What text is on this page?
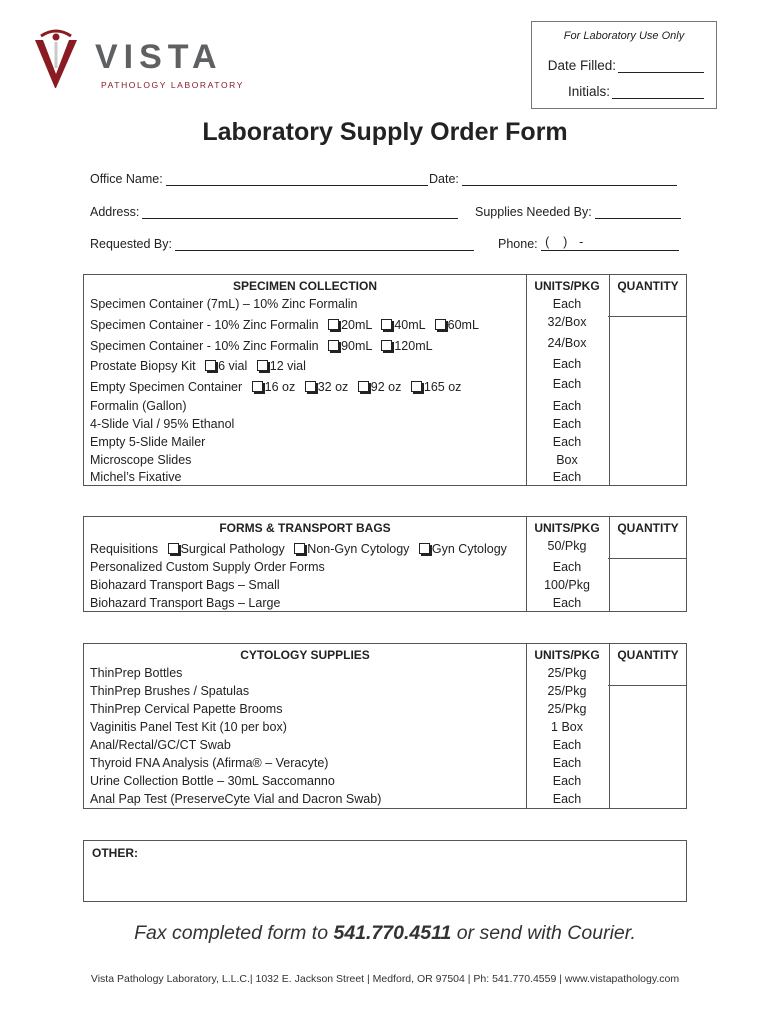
VISTA
PATHOLOGY LABORATORY
For Laboratory Use Only
Date Filled:
Initials:
Laboratory Supply Order Form
Office Name:	Date:
Address:	Supplies Needed By:
Requested By:	Phone: ( ) -
SPECIMEN COLLECTION	UNITS/PKG	QUANTITY
Specimen Container (7mL) – 10% Zinc Formalin	Each
Specimen Container - 10% Zinc Formalin 20mL 40mL 60mL	32/Box
Specimen Container - 10% Zinc Formalin 90mL 120mL	24/Box
Prostate Biopsy Kit 6 vial 12 vial	Each
Empty Specimen Container 16 oz 32 oz 92 oz 165 oz	Each
Formalin (Gallon)	Each
4-Slide Vial / 95% Ethanol	Each
Empty 5-Slide Mailer	Each
Microscope Slides	Box
Michel’s Fixative	Each
FORMS & TRANSPORT BAGS	UNITS/PKG	QUANTITY
Requisitions Surgical Pathology Non-Gyn Cytology Gyn Cytology	50/Pkg
Personalized Custom Supply Order Forms	Each
Biohazard Transport Bags – Small	100/Pkg
Biohazard Transport Bags – Large	Each
CYTOLOGY SUPPLIES	UNITS/PKG	QUANTITY
ThinPrep Bottles	25/Pkg
ThinPrep Brushes / Spatulas	25/Pkg
ThinPrep Cervical Papette Brooms	25/Pkg
Vaginitis Panel Test Kit (10 per box)	1 Box
Anal/Rectal/GC/CT Swab	Each
Thyroid FNA Analysis (Afirma® – Veracyte)	Each
Urine Collection Bottle – 30mL Saccomanno	Each
Anal Pap Test (PreserveCyte Vial and Dacron Swab)	Each
OTHER:
Fax completed form to 541.770.4511 or send with Courier.
Vista Pathology Laboratory, L.L.C.| 1032 E. Jackson Street | Medford, OR 97504 | Ph: 541.770.4559 | www.vistapathology.com
